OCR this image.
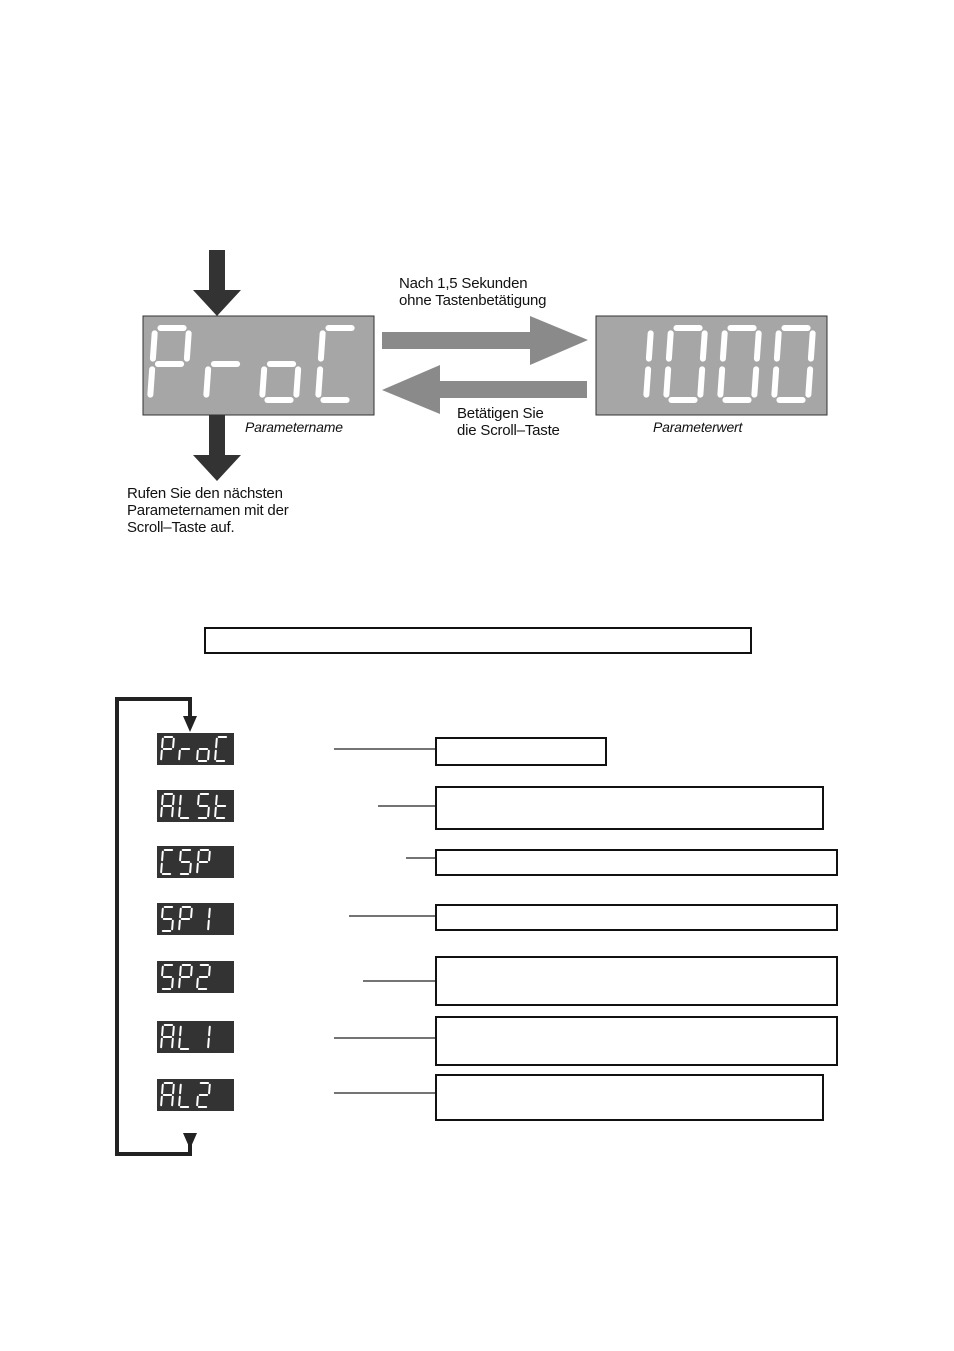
Nach 1,5 Sekunden
ohne Tastenbetätigung
Betätigen Sie
die Scroll–Taste
Parametername	Parameterwert
Rufen Sie den nächsten
Parameternamen mit der
Scroll–Taste auf.
